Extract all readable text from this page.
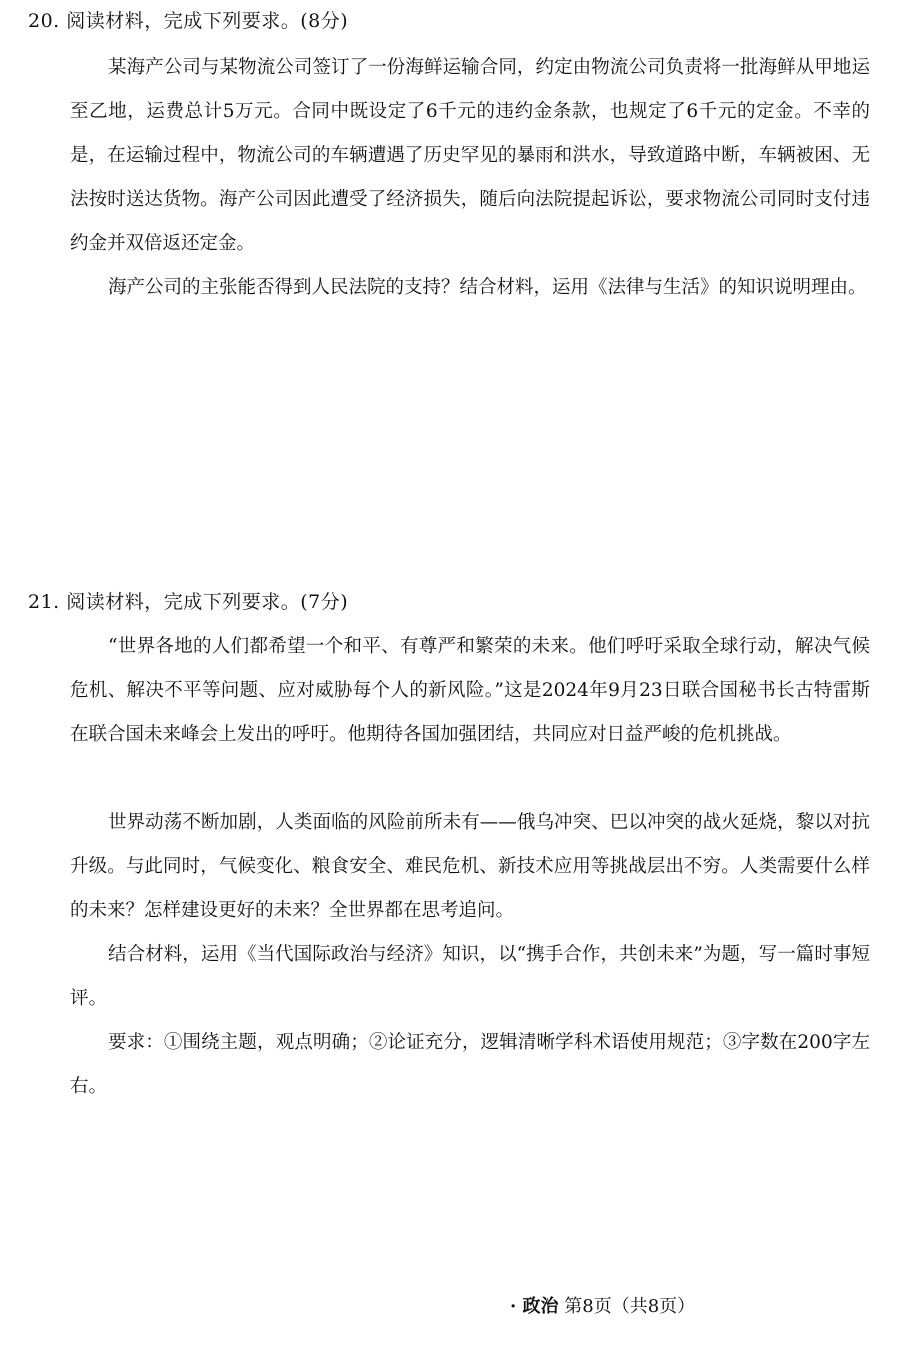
20. 阅读材料，完成下列要求。(8分)

某海产公司与某物流公司签订了一份海鲜运输合同，约定由物流公司负责将一批海鲜从甲地运至乙地，运费总计5万元。合同中既设定了6千元的违约金条款，也规定了6千元的定金。不幸的是，在运输过程中，物流公司的车辆遭遇了历史罕见的暴雨和洪水，导致道路中断，车辆被困、无法按时送达货物。海产公司因此遭受了经济损失，随后向法院提起诉讼，要求物流公司同时支付违约金并双倍返还定金。

海产公司的主张能否得到人民法院的支持？结合材料，运用《法律与生活》的知识说明理由。

21. 阅读材料，完成下列要求。(7分)

“世界各地的人们都希望一个和平、有尊严和繁荣的未来。他们呼吁采取全球行动，解决气候危机、解决不平等问题、应对威胁每个人的新风险。”这是2024年9月23日联合国秘书长古特雷斯在联合国未来峰会上发出的呼吁。他期待各国加强团结，共同应对日益严峻的危机挑战。

世界动荡不断加剧，人类面临的风险前所未有——俄乌冲突、巴以冲突的战火延烧，黎以对抗升级。与此同时，气候变化、粮食安全、难民危机、新技术应用等挑战层出不穷。人类需要什么样的未来？怎样建设更好的未来？全世界都在思考追问。

结合材料，运用《当代国际政治与经济》知识，以“携手合作，共创未来”为题，写一篇时事短评。

要求：①围绕主题，观点明确；②论证充分，逻辑清晰学科术语使用规范；③字数在200字左右。

· 政治 第8页（共8页）
